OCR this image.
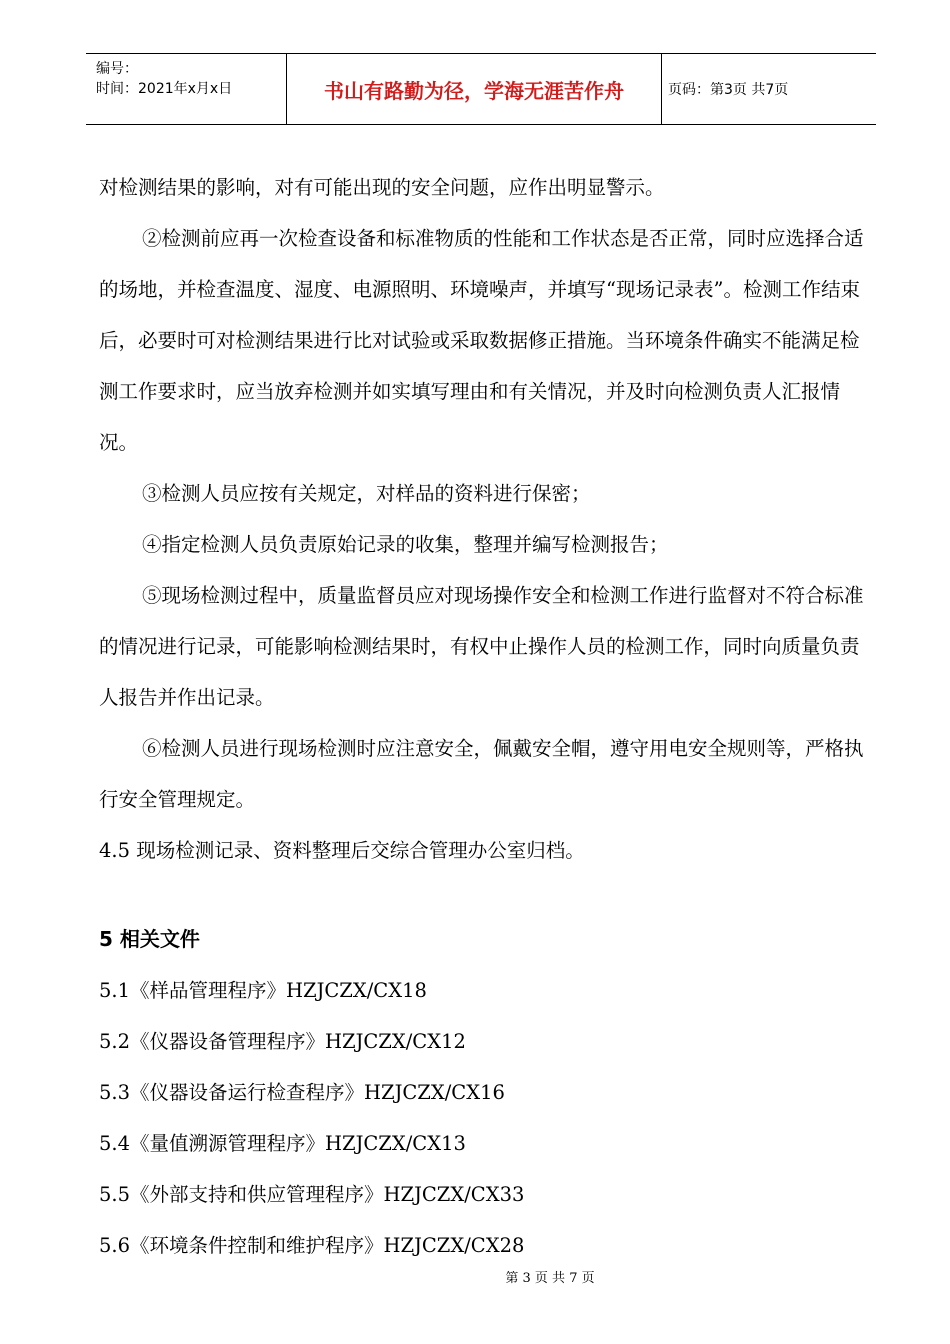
编号：
时间：2021年x月x日	书山有路勤为径，学海无涯苦作舟	页码：第3页 共7页

对检测结果的影响，对有可能出现的安全问题，应作出明显警示。

②检测前应再一次检查设备和标准物质的性能和工作状态是否正常，同时应选择合适的场地，并检查温度、湿度、电源照明、环境噪声，并填写“现场记录表”。检测工作结束后，必要时可对检测结果进行比对试验或采取数据修正措施。当环境条件确实不能满足检测工作要求时，应当放弃检测并如实填写理由和有关情况，并及时向检测负责人汇报情况。

③检测人员应按有关规定，对样品的资料进行保密；

④指定检测人员负责原始记录的收集，整理并编写检测报告；

⑤现场检测过程中，质量监督员应对现场操作安全和检测工作进行监督对不符合标准的情况进行记录，可能影响检测结果时，有权中止操作人员的检测工作，同时向质量负责人报告并作出记录。

⑥检测人员进行现场检测时应注意安全，佩戴安全帽，遵守用电安全规则等，严格执行安全管理规定。

4.5 现场检测记录、资料整理后交综合管理办公室归档。

5 相关文件
5.1《样品管理程序》HZJCZX/CX18
5.2《仪器设备管理程序》HZJCZX/CX12
5.3《仪器设备运行检查程序》HZJCZX/CX16
5.4《量值溯源管理程序》HZJCZX/CX13
5.5《外部支持和供应管理程序》HZJCZX/CX33
5.6《环境条件控制和维护程序》HZJCZX/CX28
第 3 页 共 7 页
